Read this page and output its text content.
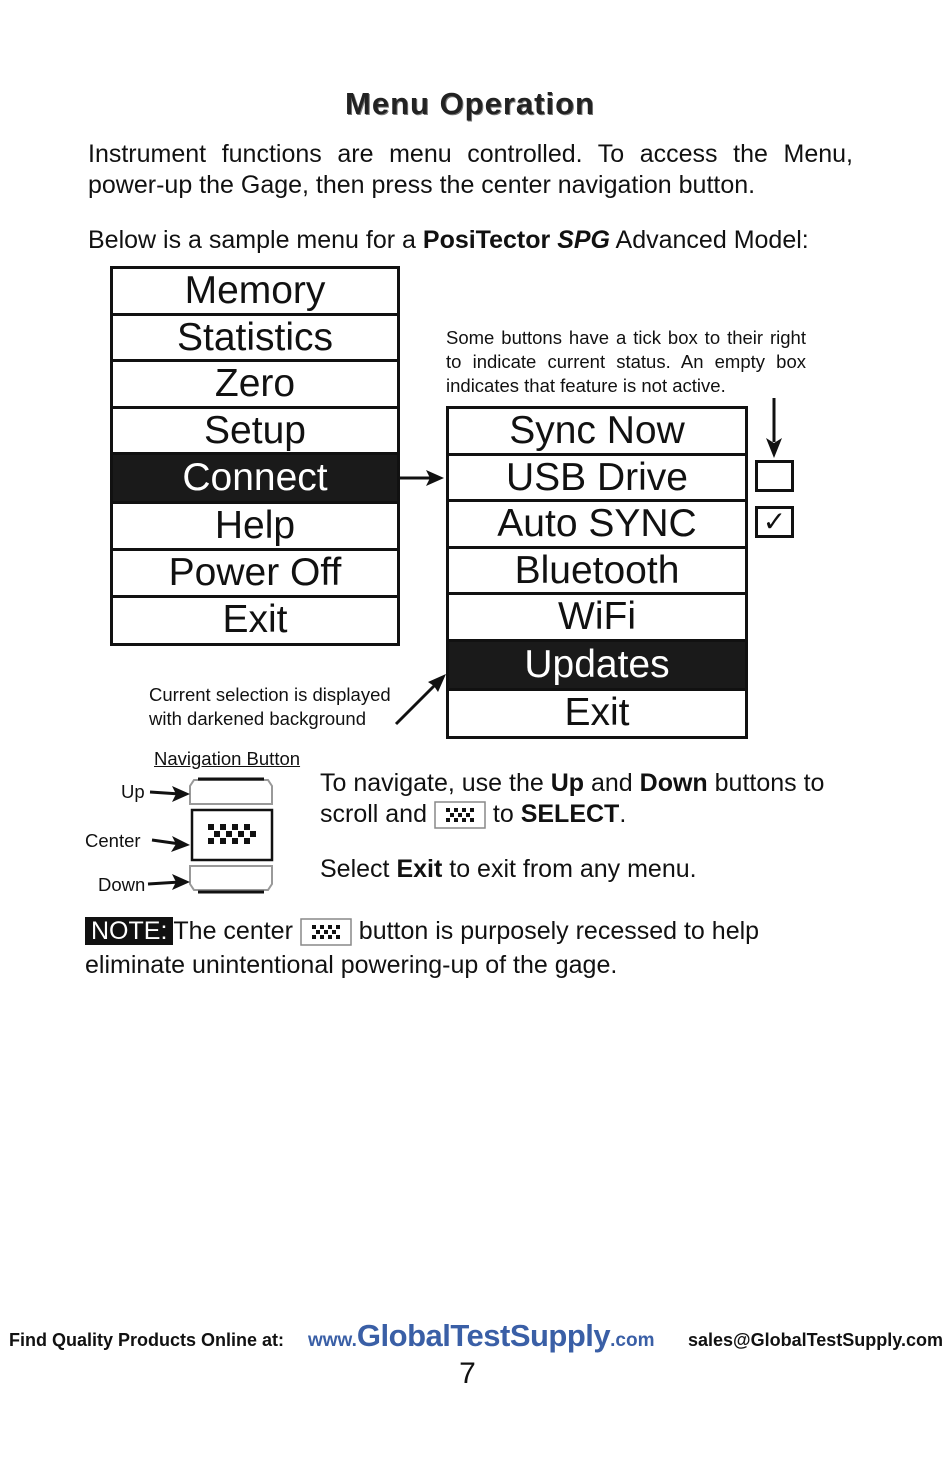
Menu Operation
Instrument functions are menu controlled. To access the Menu, power-up the Gage, then press the center navigation button.
Below is a sample menu for a PosiTector SPG Advanced Model:
Memory
Statistics
Zero
Setup
Connect
Help
Power Off
Exit
Some buttons have a tick box to their right to indicate current status. An empty box indicates that feature is not active.
Sync Now
USB Drive
Auto SYNC
Bluetooth
WiFi
Updates
Exit
✓
Current selection is displayed
with darkened background
Navigation Button
Up
Center
Down
To navigate, use the Up and Down buttons to
scroll and  to SELECT.
Select Exit to exit from any menu.
NOTE: The center  button is purposely recessed to help
eliminate unintentional powering-up of the gage.
Find Quality Products Online at: www.GlobalTestSupply.com sales@GlobalTestSupply.com
7
